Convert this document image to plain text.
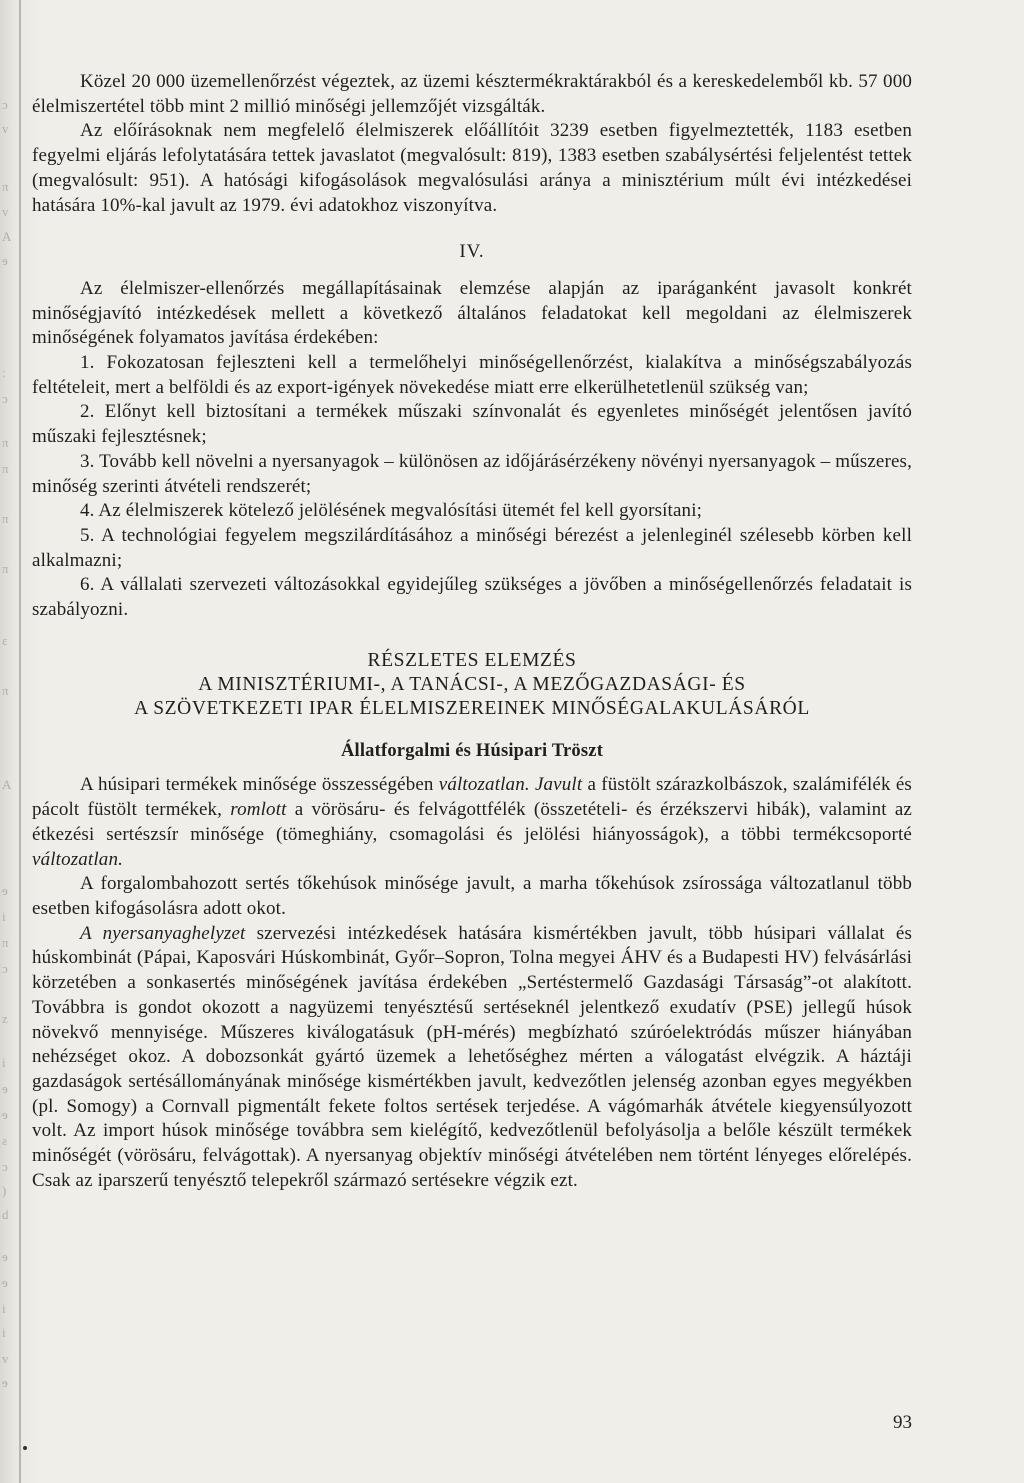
ɔ
v
π
v
A
ɘ
:
ɔ
π
π
π
π
ε
π
A
ɘ
i
π
ɔ
z
i
ɘ
ɘ
ƨ
ɔ
)
d
ɘ
ɘ
i
i
v
ɘ

Közel 20 000 üzemellenőrzést végeztek, az üzemi késztermékraktárakból és a kereskedelemből kb. 57 000 élelmiszertétel több mint 2 millió minőségi jellemzőjét vizsgálták.

Az előírásoknak nem megfelelő élelmiszerek előállítóit 3239 esetben figyelmeztették, 1183 esetben fegyelmi eljárás lefolytatására tettek javaslatot (megvalósult: 819), 1383 esetben szabálysértési feljelentést tettek (megvalósult: 951). A hatósági kifogásolások megvalósulási aránya a minisztérium múlt évi intézkedései hatására 10%-kal javult az 1979. évi adatokhoz viszonyítva.

IV.

Az élelmiszer-ellenőrzés megállapításainak elemzése alapján az iparáganként javasolt konkrét minőségjavító intézkedések mellett a következő általános feladatokat kell megoldani az élelmiszerek minőségének folyamatos javítása érdekében:

1. Fokozatosan fejleszteni kell a termelőhelyi minőségellenőrzést, kialakítva a minőségszabályozás feltételeit, mert a belföldi és az export-igények növekedése miatt erre elkerülhetetlenül szükség van;

2. Előnyt kell biztosítani a termékek műszaki színvonalát és egyenletes minőségét jelentősen javító műszaki fejlesztésnek;

3. Tovább kell növelni a nyersanyagok – különösen az időjárásérzékeny növényi nyersanyagok – műszeres, minőség szerinti átvételi rendszerét;

4. Az élelmiszerek kötelező jelölésének megvalósítási ütemét fel kell gyorsítani;

5. A technológiai fegyelem megszilárdításához a minőségi bérezést a jelenleginél szélesebb körben kell alkalmazni;

6. A vállalati szervezeti változásokkal egyidejűleg szükséges a jövőben a minőségellenőrzés feladatait is szabályozni.

RÉSZLETES ELEMZÉS
A MINISZTÉRIUMI-, A TANÁCSI-, A MEZŐGAZDASÁGI- ÉS
A SZÖVETKEZETI IPAR ÉLELMISZEREINEK MINŐSÉGALAKULÁSÁRÓL
Állatforgalmi és Húsipari Tröszt

A húsipari termékek minősége összességében változatlan. Javult a füstölt szárazkolbászok, szalámifélék és pácolt füstölt termékek, romlott a vörösáru- és felvágottfélék (összetételi- és érzékszervi hibák), valamint az étkezési sertészsír minősége (tömeghiány, csomagolási és jelölési hiányosságok), a többi termékcsoporté változatlan.

A forgalombahozott sertés tőkehúsok minősége javult, a marha tőkehúsok zsírossága változatlanul több esetben kifogásolásra adott okot.

A nyersanyaghelyzet szervezési intézkedések hatására kismértékben javult, több húsipari vállalat és húskombinát (Pápai, Kaposvári Húskombinát, Győr–Sopron, Tolna megyei ÁHV és a Budapesti HV) felvásárlási körzetében a sonkasertés minőségének javítása érdekében „Sertéstermelő Gazdasági Társaság”-ot alakított. Továbbra is gondot okozott a nagyüzemi tenyésztésű sertéseknél jelentkező exudatív (PSE) jellegű húsok növekvő mennyisége. Műszeres kiválogatásuk (pH-mérés) megbízható szúróelektródás műszer hiányában nehézséget okoz. A dobozsonkát gyártó üzemek a lehetőséghez mérten a válogatást elvégzik. A háztáji gazdaságok sertésállományának minősége kismértékben javult, kedvezőtlen jelenség azonban egyes megyékben (pl. Somogy) a Cornvall pigmentált fekete foltos sertések terjedése. A vágómarhák átvétele kiegyensúlyozott volt. Az import húsok minősége továbbra sem kielégítő, kedvezőtlenül befolyásolja a belőle készült termékek minőségét (vörösáru, felvágottak). A nyersanyag objektív minőségi átvételében nem történt lényeges előrelépés. Csak az iparszerű tenyésztő telepekről származó sertésekre végzik ezt.

93
